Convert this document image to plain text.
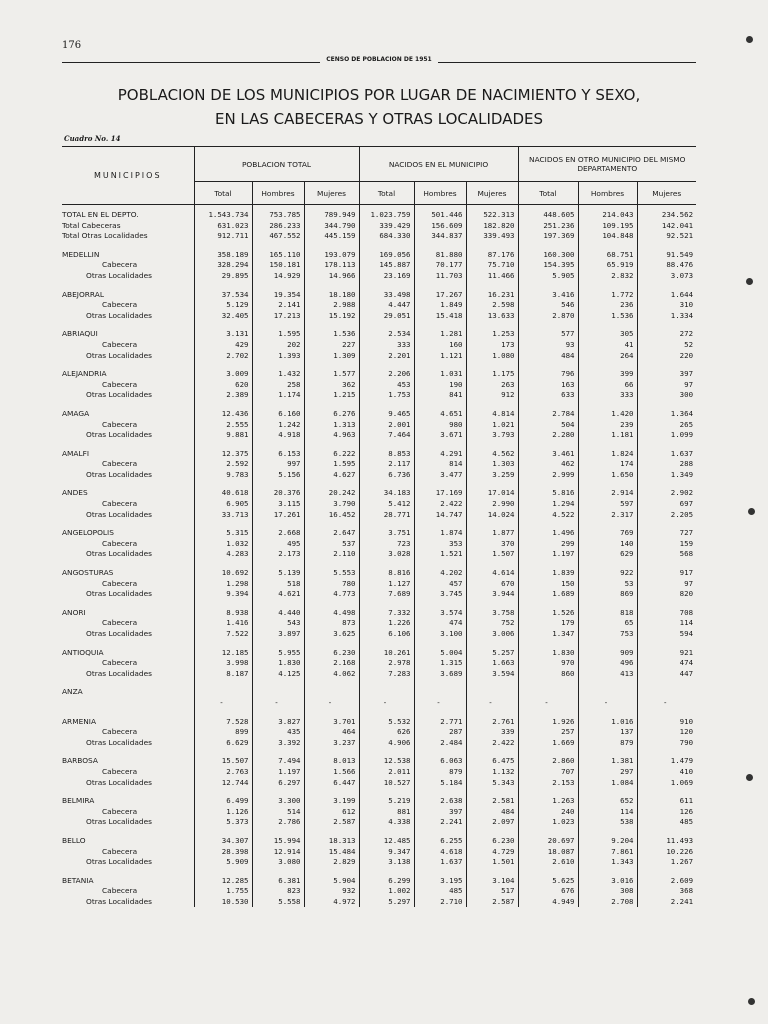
176
CENSO DE POBLACION DE 1951
POBLACION DE LOS MUNICIPIOS POR LUGAR DE NACIMIENTO Y SEXO,
EN LAS CABECERAS Y OTRAS LOCALIDADES
Cuadro No. 14
MUNICIPIOS	POBLACION TOTAL			NACIDOS EN EL MUNICIPIO			NACIDOS EN OTRO MUNICIPIO DEL MISMO DEPARTAMENTO		
	Total	Hombres	Mujeres	Total	Hombres	Mujeres	Total	Hombres	Mujeres

TOTAL EN EL DEPTO.	1.543.734	753.785	789.949	1.023.759	501.446	522.313	448.605	214.043	234.562
Total Cabeceras	631.023	286.233	344.790	339.429	156.609	182.820	251.236	109.195	142.041
Total Otras Localidades	912.711	467.552	445.159	684.330	344.837	339.493	197.369	104.848	92.521

MEDELLIN	358.189	165.110	193.079	169.056	81.880	87.176	160.300	68.751	91.549
Cabecera	328.294	150.181	178.113	145.887	70.177	75.710	154.395	65.919	88.476
Otras Localidades	29.895	14.929	14.966	23.169	11.703	11.466	5.905	2.832	3.073

ABEJORRAL	37.534	19.354	18.180	33.498	17.267	16.231	3.416	1.772	1.644
Cabecera	5.129	2.141	2.988	4.447	1.849	2.598	546	236	310
Otras Localidades	32.405	17.213	15.192	29.051	15.418	13.633	2.870	1.536	1.334

ABRIAQUI	3.131	1.595	1.536	2.534	1.281	1.253	577	305	272
Cabecera	429	202	227	333	160	173	93	41	52
Otras Localidades	2.702	1.393	1.309	2.201	1.121	1.080	484	264	220

ALEJANDRIA	3.009	1.432	1.577	2.206	1.031	1.175	796	399	397
Cabecera	620	258	362	453	190	263	163	66	97
Otras Localidades	2.389	1.174	1.215	1.753	841	912	633	333	300

AMAGA	12.436	6.160	6.276	9.465	4.651	4.814	2.784	1.420	1.364
Cabecera	2.555	1.242	1.313	2.001	980	1.021	504	239	265
Otras Localidades	9.881	4.918	4.963	7.464	3.671	3.793	2.280	1.181	1.099

AMALFI	12.375	6.153	6.222	8.853	4.291	4.562	3.461	1.824	1.637
Cabecera	2.592	997	1.595	2.117	814	1.303	462	174	288
Otras Localidades	9.783	5.156	4.627	6.736	3.477	3.259	2.999	1.650	1.349

ANDES	40.618	20.376	20.242	34.183	17.169	17.014	5.816	2.914	2.902
Cabecera	6.905	3.115	3.790	5.412	2.422	2.990	1.294	597	697
Otras Localidades	33.713	17.261	16.452	28.771	14.747	14.024	4.522	2.317	2.205

ANGELOPOLIS	5.315	2.668	2.647	3.751	1.874	1.877	1.496	769	727
Cabecera	1.032	495	537	723	353	370	299	140	159
Otras Localidades	4.283	2.173	2.110	3.028	1.521	1.507	1.197	629	568

ANGOSTURAS	10.692	5.139	5.553	8.816	4.202	4.614	1.839	922	917
Cabecera	1.298	518	780	1.127	457	670	150	53	97
Otras Localidades	9.394	4.621	4.773	7.689	3.745	3.944	1.689	869	820

ANORI	8.938	4.440	4.498	7.332	3.574	3.758	1.526	818	708
Cabecera	1.416	543	873	1.226	474	752	179	65	114
Otras Localidades	7.522	3.897	3.625	6.106	3.100	3.006	1.347	753	594

ANTIOQUIA	12.185	5.955	6.230	10.261	5.004	5.257	1.830	909	921
Cabecera	3.998	1.830	2.168	2.978	1.315	1.663	970	496	474
Otras Localidades	8.187	4.125	4.062	7.283	3.689	3.594	860	413	447

ANZA									
	-	-	-	-	-	-	-	-	-

ARMENIA	7.528	3.827	3.701	5.532	2.771	2.761	1.926	1.016	910
Cabecera	899	435	464	626	287	339	257	137	120
Otras Localidades	6.629	3.392	3.237	4.906	2.484	2.422	1.669	879	790

BARBOSA	15.507	7.494	8.013	12.538	6.063	6.475	2.860	1.381	1.479
Cabecera	2.763	1.197	1.566	2.011	879	1.132	707	297	410
Otras Localidades	12.744	6.297	6.447	10.527	5.184	5.343	2.153	1.084	1.069

BELMIRA	6.499	3.300	3.199	5.219	2.638	2.581	1.263	652	611
Cabecera	1.126	514	612	881	397	484	240	114	126
Otras Localidades	5.373	2.786	2.587	4.338	2.241	2.097	1.023	538	485

BELLO	34.307	15.994	18.313	12.485	6.255	6.230	20.697	9.204	11.493
Cabecera	28.398	12.914	15.484	9.347	4.618	4.729	18.087	7.861	10.226
Otras Localidades	5.909	3.080	2.829	3.138	1.637	1.501	2.610	1.343	1.267

BETANIA	12.285	6.381	5.904	6.299	3.195	3.104	5.625	3.016	2.609
Cabecera	1.755	823	932	1.002	485	517	676	308	368
Otras Localidades	10.530	5.558	4.972	5.297	2.710	2.587	4.949	2.708	2.241
